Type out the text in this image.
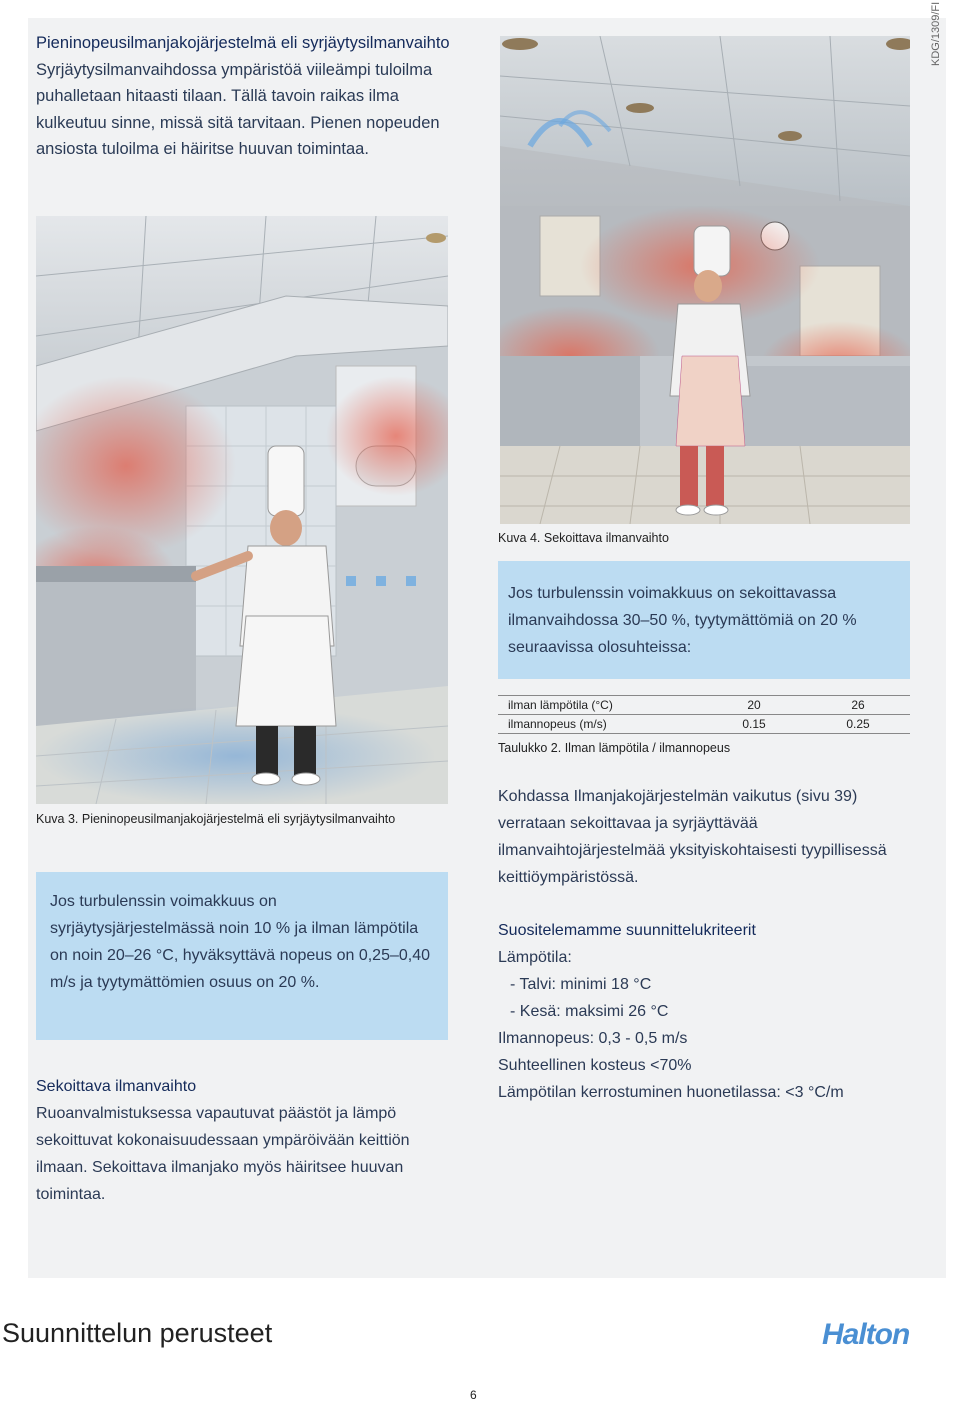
KDG/1309/FI
Pieninopeusilmanjakojärjestelmä eli syrjäytysilmanvaihto
Syrjäytysilmanvaihdossa ympäristöä viileämpi tuloilma puhalletaan hitaasti tilaan. Tällä tavoin raikas ilma kulkeutuu sinne, missä sitä tarvitaan. Pienen nopeuden ansiosta tuloilma ei häiritse huuvan toimintaa.
Kuva 4. Sekoittava ilmanvaihto
Jos turbulenssin voimakkuus on sekoittavassa ilmanvaihdossa 30–50 %, tyytymättömiä on 20 % seuraavissa olosuhteissa:
ilman lämpötila (°C)	20	26
ilmannopeus (m/s)	0.15	0.25
Taulukko 2. Ilman lämpötila / ilmannopeus
Kuva 3. Pieninopeusilmanjakojärjestelmä eli syrjäytysilmanvaihto
Kohdassa Ilmanjakojärjestelmän vaikutus (sivu 39) verrataan sekoittavaa ja syrjäyttävää ilmanvaihtojärjestelmää yksityiskohtaisesti tyypillisessä keittiöympäristössä.
Suositelemamme suunnittelukriteerit
Lämpötila:
- Talvi: minimi 18 °C
- Kesä: maksimi 26 °C
Ilmannopeus: 0,3 - 0,5 m/s
Suhteellinen kosteus <70%
Lämpötilan kerrostuminen huonetilassa: <3 °C/m
Jos turbulenssin voimakkuus on syrjäytysjärjestelmässä noin 10 % ja ilman lämpötila on noin 20–26 °C, hyväksyttävä nopeus on 0,25–0,40 m/s ja tyytymättömien osuus on 20 %.
Sekoittava ilmanvaihto
Ruoanvalmistuksessa vapautuvat päästöt ja lämpö sekoittuvat kokonaisuudessaan ympäröivään keittiön ilmaan. Sekoittava ilmanjako myös häiritsee huuvan toimintaa.
Suunnittelun perusteet	Halton
6
